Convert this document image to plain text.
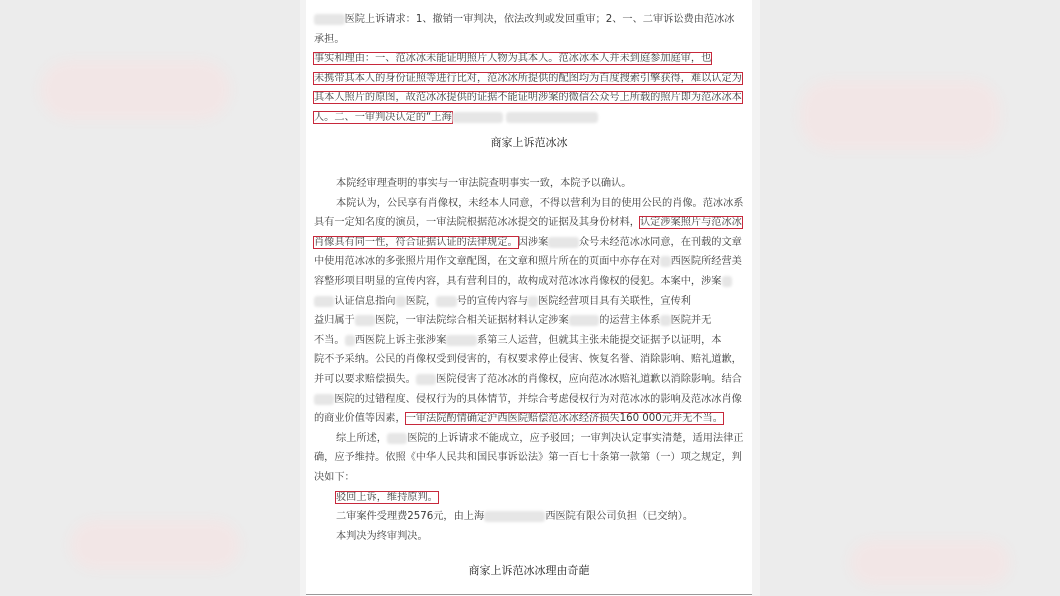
医院上诉请求：1、撤销一审判决，依法改判或发回重审；2、一、二审诉讼费由范冰冰

承担。

事实和理由：一、范冰冰未能证明照片人物为其本人。范冰冰本人并未到庭参加庭审，也

未携带其本人的身份证照等进行比对，范冰冰所提供的配图均为百度搜索引擎获得，难以认定为

其本人照片的原图，故范冰冰提供的证据不能证明涉案的微信公众号上所载的照片即为范冰冰本

人。二、一审判决认定的“上海

商家上诉范冰冰

本院经审理查明的事实与一审法院查明事实一致，本院予以确认。

本院认为，公民享有肖像权，未经本人同意，不得以营利为目的使用公民的肖像。范冰冰系

具有一定知名度的演员，一审法院根据范冰冰提交的证据及其身份材料，认定涉案照片与范冰冰

肖像具有同一性，符合证据认证的法律规定。因涉案	众号未经范冰冰同意，在刊载的文章

中使用范冰冰的多张照片用作文章配图，在文章和照片所在的页面中亦存在对 西医院所经营美

容整形项目明显的宣传内容，具有营利目的，故构成对范冰冰肖像权的侵犯。本案中，涉案

认证信息指向 医院， 号的宣传内容与 医院经营项目具有关联性，宣传利

益归属于 医院，一审法院综合相关证据材料认定涉案	的运营主体系 医院并无

不当。 西医院上诉主张涉案	系第三人运营，但就其主张未能提交证据予以证明，本

院不予采纳。公民的肖像权受到侵害的，有权要求停止侵害、恢复名誉、消除影响、赔礼道歉，

并可以要求赔偿损失。 医院侵害了范冰冰的肖像权，应向范冰冰赔礼道歉以消除影响。结合

医院的过错程度、侵权行为的具体情节，并综合考虑侵权行为对范冰冰的影响及范冰冰肖像

的商业价值等因素，一审法院酌情确定沪西医院赔偿范冰冰经济损失160 000元并无不当。

综上所述， 医院的上诉请求不能成立，应予驳回；一审判决认定事实清楚，适用法律正

确，应予维持。依照《中华人民共和国民事诉讼法》第一百七十条第一款第（一）项之规定，判

决如下：

驳回上诉，维持原判。

二审案件受理费2576元，由上海	西医院有限公司负担（已交纳）。

本判决为终审判决。

商家上诉范冰冰理由奇葩
